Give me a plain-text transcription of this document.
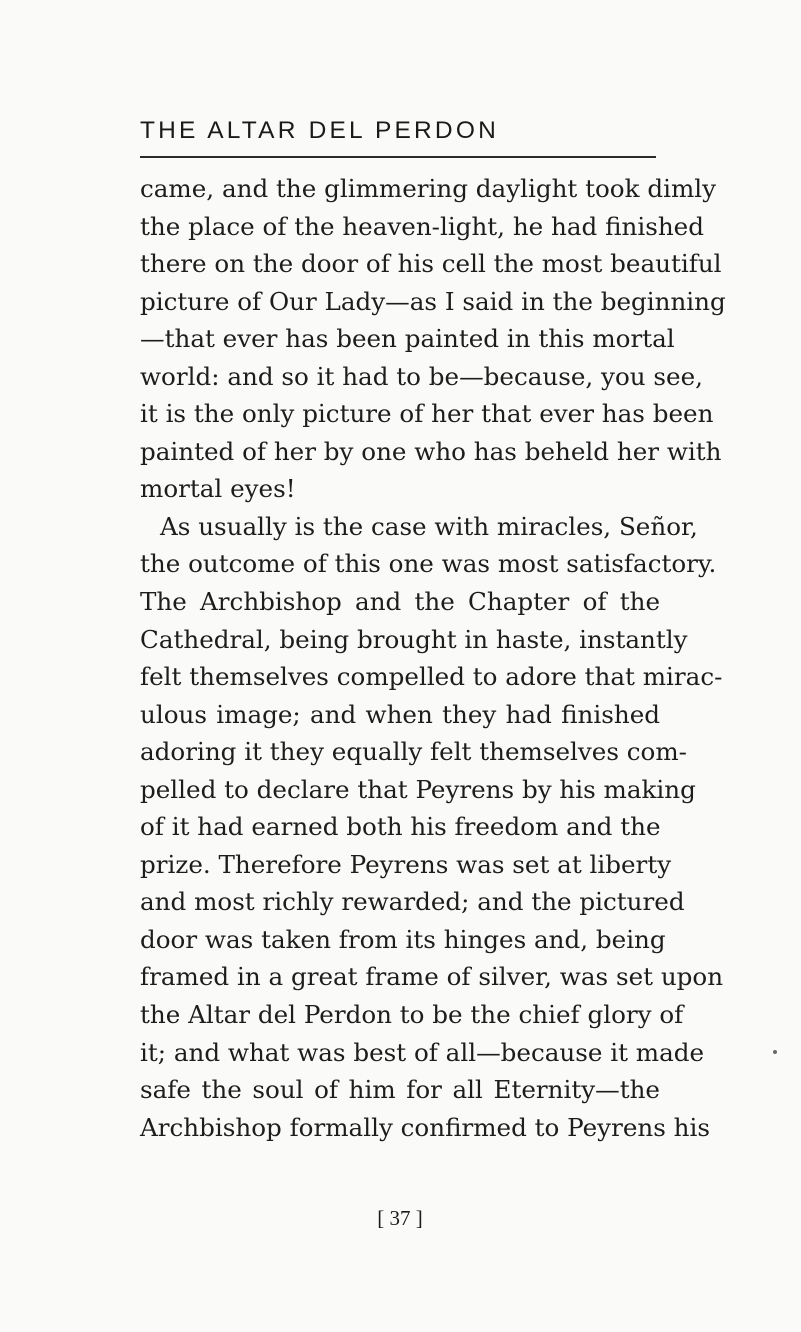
THE ALTAR DEL PERDON
came, and the glimmering daylight took dimly
the place of the heaven-light, he had finished
there on the door of his cell the most beautiful
picture of Our Lady—as I said in the beginning
—that ever has been painted in this mortal
world: and so it had to be—because, you see,
it is the only picture of her that ever has been
painted of her by one who has beheld her with
mortal eyes!
As usually is the case with miracles, Señor,
the outcome of this one was most satisfactory.
The Archbishop and the Chapter of the
Cathedral, being brought in haste, instantly
felt themselves compelled to adore that mirac-
ulous image; and when they had finished
adoring it they equally felt themselves com-
pelled to declare that Peyrens by his making
of it had earned both his freedom and the
prize. Therefore Peyrens was set at liberty
and most richly rewarded; and the pictured
door was taken from its hinges and, being
framed in a great frame of silver, was set upon
the Altar del Perdon to be the chief glory of
it; and what was best of all—because it made
safe the soul of him for all Eternity—the
Archbishop formally confirmed to Peyrens his
[ 37 ]
